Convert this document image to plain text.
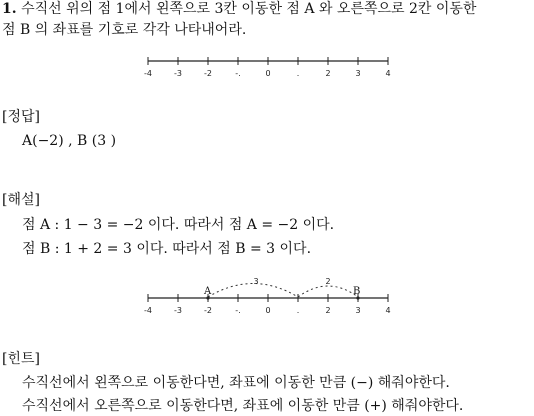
1. 수직선 위의 점 1에서 왼쪽으로 3칸 이동한 점 A 와 오른쪽으로 2칸 이동한
점 B 의 좌표를 기호로 각각 나타내어라.
-4	-3	-2	-.	0	.	2	3	4
[정답]
A(−2) , B (3 )
[해설]
점 A : 1 − 3 = −2 이다. 따라서 점 A = −2 이다.
점 B : 1 + 2 = 3 이다. 따라서 점 B = 3 이다.
-4	-3	-2	-.	0	.	2	3	4
A	B
3	2
[힌트]
수직선에서 왼쪽으로 이동한다면, 좌표에 이동한 만큼 (−) 해줘야한다.
수직선에서 오른쪽으로 이동한다면, 좌표에 이동한 만큼 (+) 해줘야한다.
